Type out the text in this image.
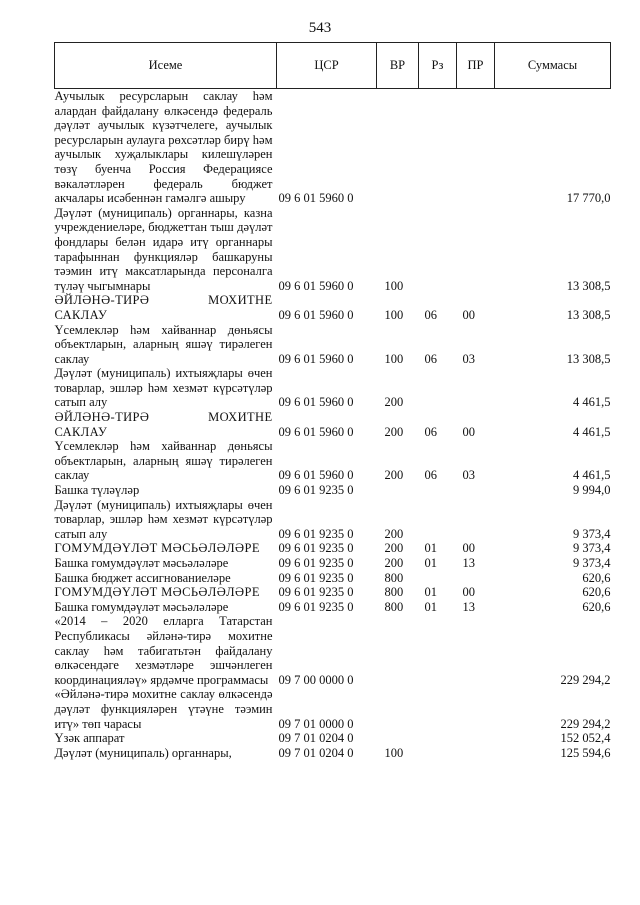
543
Исеме	ЦСР	ВР	Рз	ПР	Суммасы
Аучылык ресурсларын саклау һәм алардан файдалану өлкәсендә федераль дәүләт аучылык күзәтчелеге, аучылык ресурсларын аулауга рөхсәтләр бирү һәм аучылык хуҗалыклары килешүләрен төзү буенча Россия Федерациясе вәкаләтләрен федераль бюджет акчалары исәбеннән гамәлгә ашыру	09 6 01 5960 0				17 770,0
Дәүләт (муниципаль) органнары, казна учреждениеләре, бюджеттан тыш дәүләт фондлары белән идарә итү органнары тарафыннан функцияләр башкаруны тәэмин итү максатларында персоналга түләү чыгымнары	09 6 01 5960 0	100			13 308,5
ӘЙЛӘНӘ-ТИРӘ МОХИТНЕ САКЛАУ	09 6 01 5960 0	100	06	00	13 308,5
Үсемлекләр һәм хайваннар дөньясы объектларын, аларның яшәү тирәлеген саклау	09 6 01 5960 0	100	06	03	13 308,5
Дәүләт (муниципаль) ихтыяҗлары өчен товарлар, эшләр һәм хезмәт күрсәтүләр сатып алу	09 6 01 5960 0	200			4 461,5
ӘЙЛӘНӘ-ТИРӘ МОХИТНЕ САКЛАУ	09 6 01 5960 0	200	06	00	4 461,5
Үсемлекләр һәм хайваннар дөньясы объектларын, аларның яшәү тирәлеген саклау	09 6 01 5960 0	200	06	03	4 461,5
Башка түләүләр	09 6 01 9235 0				9 994,0
Дәүләт (муниципаль) ихтыяҗлары өчен товарлар, эшләр һәм хезмәт күрсәтүләр сатып алу	09 6 01 9235 0	200			9 373,4
ГОМУМДӘҮЛӘТ МӘСЬӘЛӘЛӘРЕ	09 6 01 9235 0	200	01	00	9 373,4
Башка гомумдәүләт мәсьәләләре	09 6 01 9235 0	200	01	13	9 373,4
Башка бюджет ассигнованиеләре	09 6 01 9235 0	800			620,6
ГОМУМДӘҮЛӘТ МӘСЬӘЛӘЛӘРЕ	09 6 01 9235 0	800	01	00	620,6
Башка гомумдәүләт мәсьәләләре	09 6 01 9235 0	800	01	13	620,6
«2014 – 2020 елларга Татарстан Республикасы әйләнә-тирә мохитне саклау һәм табигатьтән файдалану өлкәсендәге хезмәтләре эшчәнлеген координацияләү» ярдәмче программасы	09 7 00 0000 0				229 294,2
«Әйләнә-тирә мохитне саклау өлкәсендә дәүләт функцияләрен үтәүне тәэмин итү» төп чарасы	09 7 01 0000 0				229 294,2
Үзәк аппарат	09 7 01 0204 0				152 052,4
Дәүләт (муниципаль) органнары,	09 7 01 0204 0	100			125 594,6
